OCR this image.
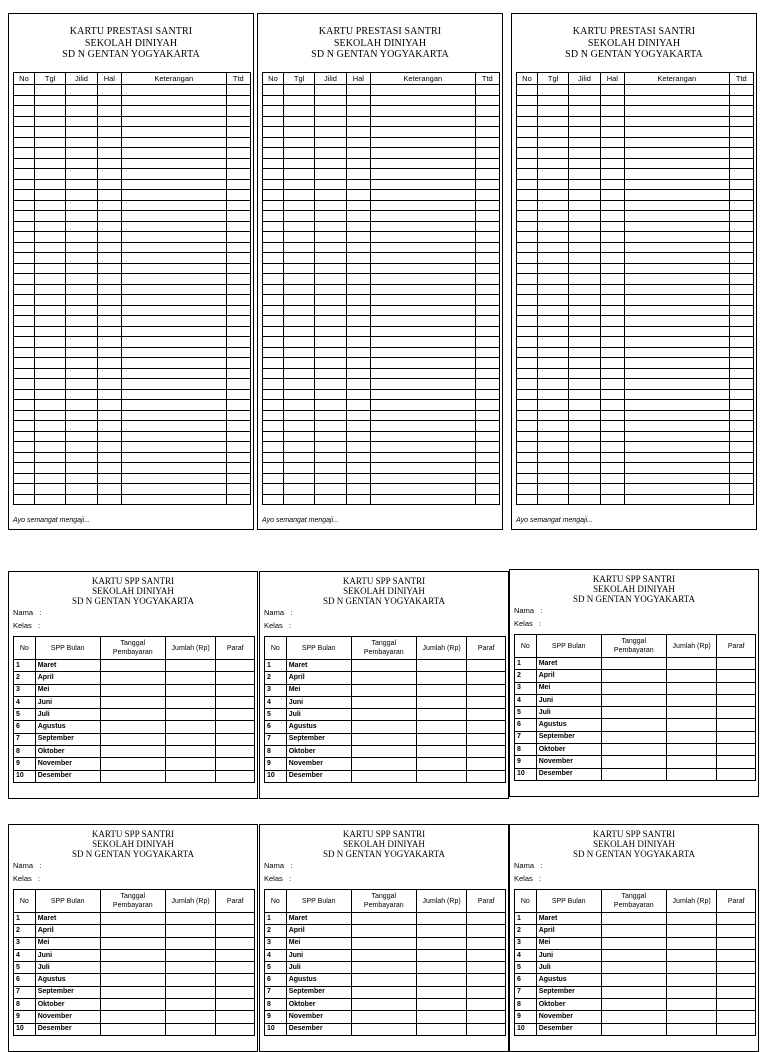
KARTU PRESTASI SANTRI
SEKOLAH DINIYAH
SD N GENTAN YOGYAKARTA
No	Tgl	Jilid	Hal	Keterangan	Ttd

Ayo semangat mengaji...
KARTU PRESTASI SANTRI
SEKOLAH DINIYAH
SD N GENTAN YOGYAKARTA
No	Tgl	Jilid	Hal	Keterangan	Ttd

Ayo semangat mengaji...
KARTU PRESTASI SANTRI
SEKOLAH DINIYAH
SD N GENTAN YOGYAKARTA
No	Tgl	Jilid	Hal	Keterangan	Ttd

Ayo semangat mengaji...
KARTU SPP SANTRI
SEKOLAH DINIYAH
SD N GENTAN YOGYAKARTA
Nama   :
Kelas   :
No	SPP Bulan	Tanggal Pembayaran	Jumlah (Rp)	Paraf
1	Maret			
2	April			
3	Mei			
4	Juni			
5	Juli			
6	Agustus			
7	September			
8	Oktober			
9	November			
10	Desember			
KARTU SPP SANTRI
SEKOLAH DINIYAH
SD N GENTAN YOGYAKARTA
Nama   :
Kelas   :
No	SPP Bulan	Tanggal Pembayaran	Jumlah (Rp)	Paraf
1	Maret			
2	April			
3	Mei			
4	Juni			
5	Juli			
6	Agustus			
7	September			
8	Oktober			
9	November			
10	Desember			
KARTU SPP SANTRI
SEKOLAH DINIYAH
SD N GENTAN YOGYAKARTA
Nama   :
Kelas   :
No	SPP Bulan	Tanggal Pembayaran	Jumlah (Rp)	Paraf
1	Maret			
2	April			
3	Mei			
4	Juni			
5	Juli			
6	Agustus			
7	September			
8	Oktober			
9	November			
10	Desember			
KARTU SPP SANTRI
SEKOLAH DINIYAH
SD N GENTAN YOGYAKARTA
Nama   :
Kelas   :
No	SPP Bulan	Tanggal Pembayaran	Jumlah (Rp)	Paraf
1	Maret			
2	April			
3	Mei			
4	Juni			
5	Juli			
6	Agustus			
7	September			
8	Oktober			
9	November			
10	Desember			
KARTU SPP SANTRI
SEKOLAH DINIYAH
SD N GENTAN YOGYAKARTA
Nama   :
Kelas   :
No	SPP Bulan	Tanggal Pembayaran	Jumlah (Rp)	Paraf
1	Maret			
2	April			
3	Mei			
4	Juni			
5	Juli			
6	Agustus			
7	September			
8	Oktober			
9	November			
10	Desember			
KARTU SPP SANTRI
SEKOLAH DINIYAH
SD N GENTAN YOGYAKARTA
Nama   :
Kelas   :
No	SPP Bulan	Tanggal Pembayaran	Jumlah (Rp)	Paraf
1	Maret			
2	April			
3	Mei			
4	Juni			
5	Juli			
6	Agustus			
7	September			
8	Oktober			
9	November			
10	Desember			
